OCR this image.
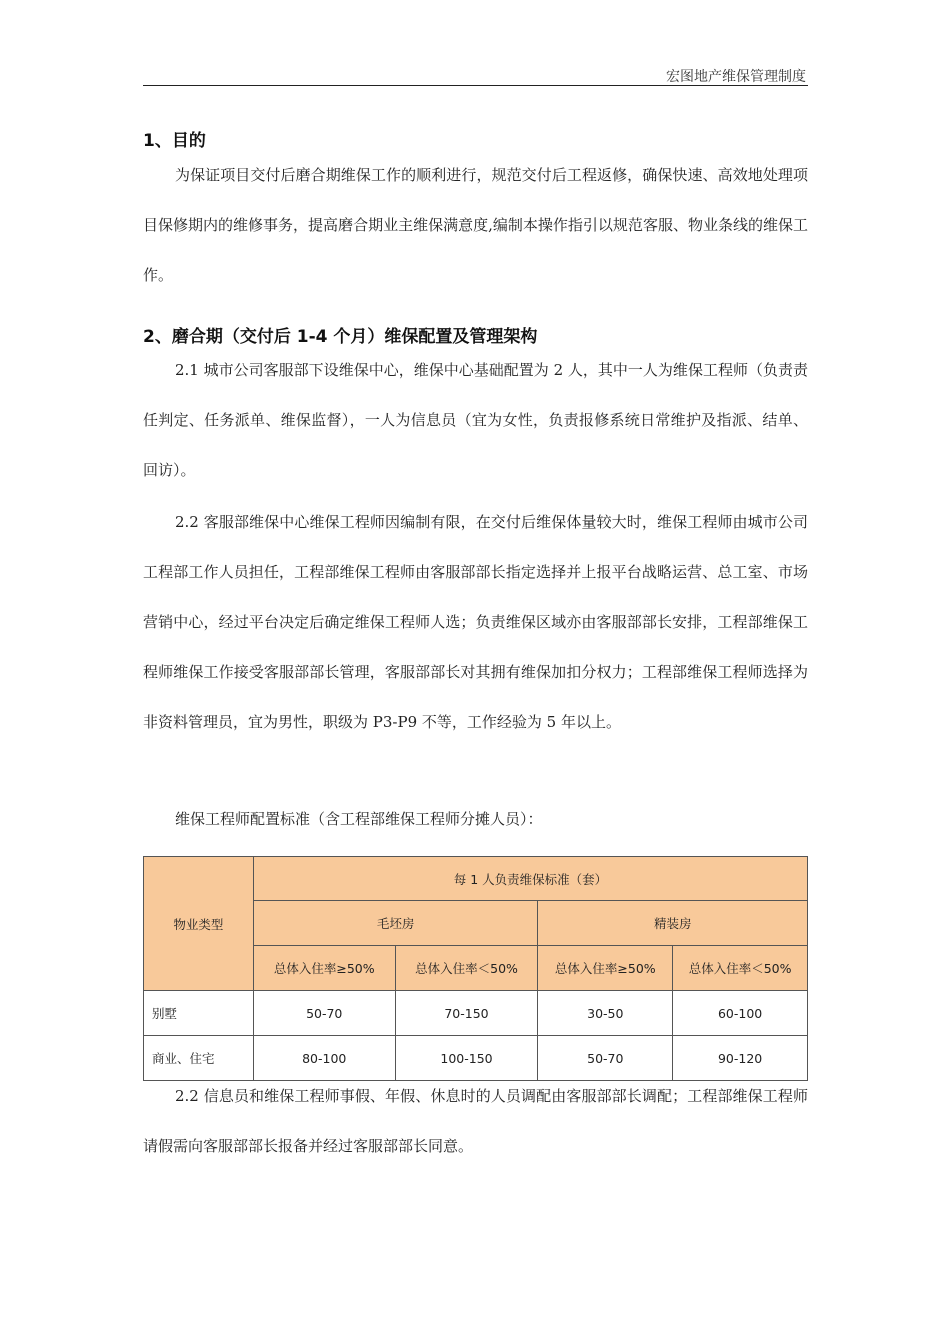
宏图地产维保管理制度
1、目的
为保证项目交付后磨合期维保工作的顺利进行，规范交付后工程返修，确保快速、高效地处理项目保修期内的维修事务，提高磨合期业主维保满意度,编制本操作指引以规范客服、物业条线的维保工作。
2、磨合期（交付后 1-4 个月）维保配置及管理架构
2.1 城市公司客服部下设维保中心，维保中心基础配置为 2 人，其中一人为维保工程师（负责责任判定、任务派单、维保监督），一人为信息员（宜为女性，负责报修系统日常维护及指派、结单、回访）。
2.2 客服部维保中心维保工程师因编制有限，在交付后维保体量较大时，维保工程师由城市公司工程部工作人员担任，工程部维保工程师由客服部部长指定选择并上报平台战略运营、总工室、市场营销中心，经过平台决定后确定维保工程师人选；负责维保区域亦由客服部部长安排，工程部维保工程师维保工作接受客服部部长管理，客服部部长对其拥有维保加扣分权力；工程部维保工程师选择为非资料管理员，宜为男性，职级为 P3-P9 不等，工作经验为 5 年以上。
维保工程师配置标准（含工程部维保工程师分摊人员）：
物业类型	每 1 人负责维保标准（套）			
	毛坯房		精装房	
	总体入住率≥50%	总体入住率＜50%	总体入住率≥50%	总体入住率＜50%
别墅	50-70	70-150	30-50	60-100
商业、住宅	80-100	100-150	50-70	90-120
2.2 信息员和维保工程师事假、年假、休息时的人员调配由客服部部长调配；工程部维保工程师请假需向客服部部长报备并经过客服部部长同意。
